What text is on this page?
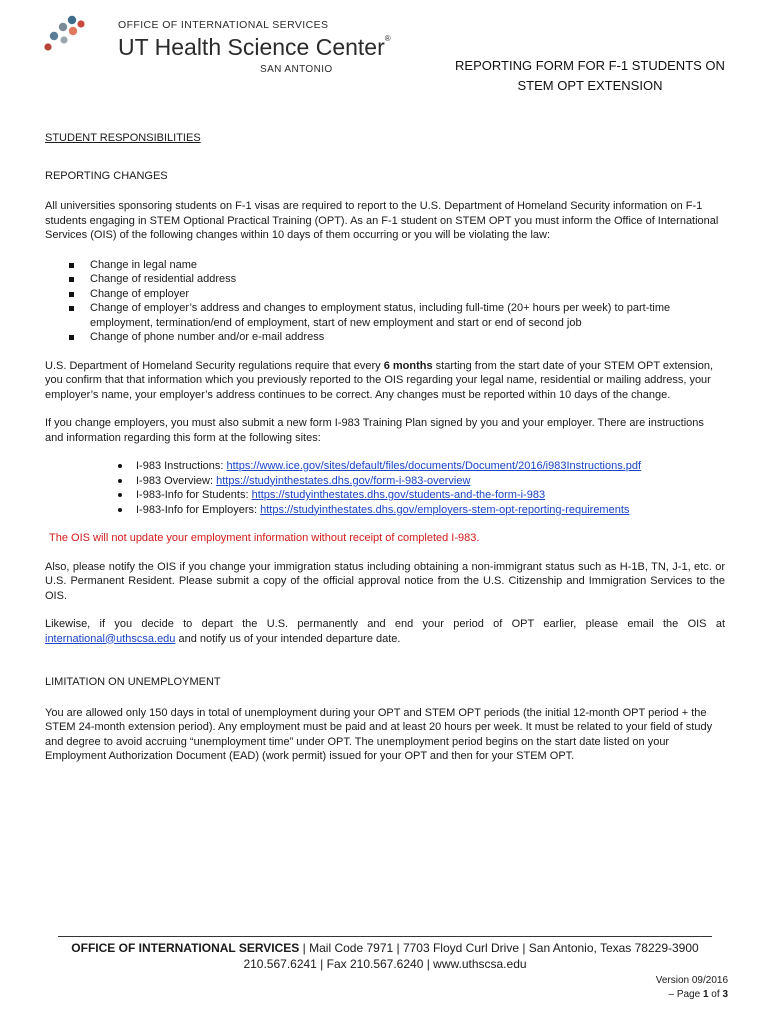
OFFICE OF INTERNATIONAL SERVICES
UT Health Science Center®
SAN ANTONIO	REPORTING FORM FOR F-1 STUDENTS ON
STEM OPT EXTENSION

STUDENT RESPONSIBILITIES

REPORTING CHANGES

All universities sponsoring students on F-1 visas are required to report to the U.S. Department of Homeland Security information on F-1 students engaging in STEM Optional Practical Training (OPT). As an F-1 student on STEM OPT you must inform the Office of International Services (OIS) of the following changes within 10 days of them occurring or you will be violating the law:

Change in legal name
Change of residential address
Change of employer
Change of employer’s address and changes to employment status, including full-time (20+ hours per week) to part-time employment, termination/end of employment, start of new employment and start or end of second job
Change of phone number and/or e-mail address

U.S. Department of Homeland Security regulations require that every 6 months starting from the start date of your STEM OPT extension, you confirm that that information which you previously reported to the OIS regarding your legal name, residential or mailing address, your employer’s name, your employer’s address continues to be correct. Any changes must be reported within 10 days of the change.

If you change employers, you must also submit a new form I-983 Training Plan signed by you and your employer. There are instructions and information regarding this form at the following sites:

I-983 Instructions: https://www.ice.gov/sites/default/files/documents/Document/2016/i983Instructions.pdf
I-983 Overview: https://studyinthestates.dhs.gov/form-i-983-overview
I-983-Info for Students: https://studyinthestates.dhs.gov/students-and-the-form-i-983
I-983-Info for Employers: https://studyinthestates.dhs.gov/employers-stem-opt-reporting-requirements

The OIS will not update your employment information without receipt of completed I-983.

Also, please notify the OIS if you change your immigration status including obtaining a non-immigrant status such as H-1B, TN, J-1, etc. or U.S. Permanent Resident. Please submit a copy of the official approval notice from the U.S. Citizenship and Immigration Services to the OIS.

Likewise, if you decide to depart the U.S. permanently and end your period of OPT earlier, please email the OIS at international@uthscsa.edu and notify us of your intended departure date.

LIMITATION ON UNEMPLOYMENT

You are allowed only 150 days in total of unemployment during your OPT and STEM OPT periods (the initial 12-month OPT period + the STEM 24-month extension period). Any employment must be paid and at least 20 hours per week. It must be related to your field of study and degree to avoid accruing “unemployment time” under OPT. The unemployment period begins on the start date listed on your Employment Authorization Document (EAD) (work permit) issued for your OPT and then for your STEM OPT.

OFFICE OF INTERNATIONAL SERVICES | Mail Code 7971 | 7703 Floyd Curl Drive | San Antonio, Texas 78229-3900
210.567.6241 | Fax 210.567.6240 | www.uthscsa.edu
Version 09/2016
– Page 1 of 3
